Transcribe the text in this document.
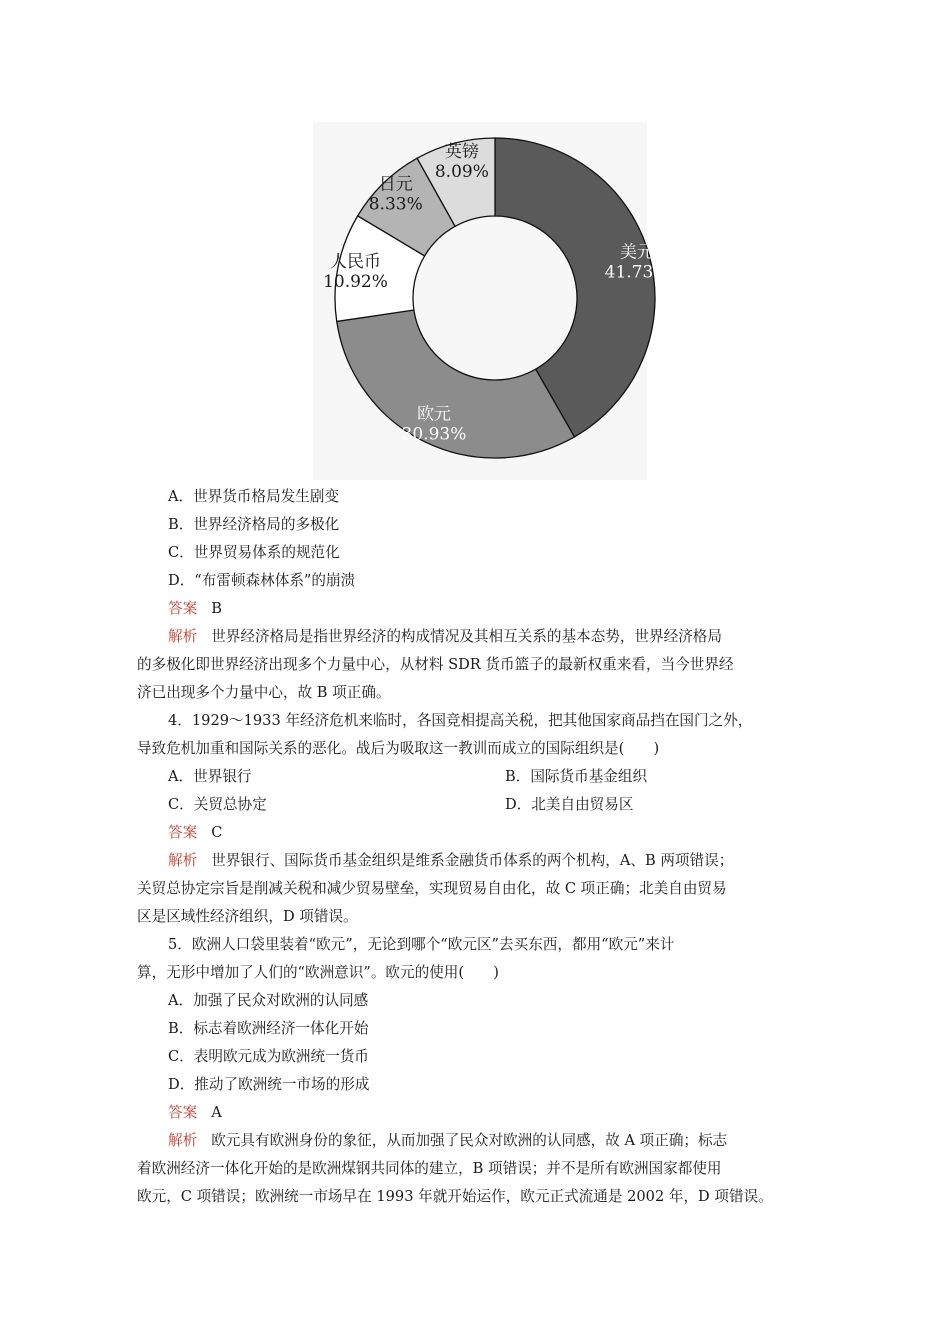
美元
41.73%
欧元
30.93%
人民币
10.92%
日元
8.33%
英镑
8.09%
A．世界货币格局发生剧变
B．世界经济格局的多极化
C．世界贸易体系的规范化
D．“布雷顿森林体系”的崩溃
答案 B
解析 世界经济格局是指世界经济的构成情况及其相互关系的基本态势，世界经济格局
的多极化即世界经济出现多个力量中心，从材料 SDR 货币篮子的最新权重来看，当今世界经
济已出现多个力量中心，故 B 项正确。
4．1929～1933 年经济危机来临时，各国竞相提高关税，把其他国家商品挡在国门之外，
导致危机加重和国际关系的恶化。战后为吸取这一教训而成立的国际组织是(　　)
A．世界银行	B．国际货币基金组织
C．关贸总协定	D．北美自由贸易区
答案 C
解析 世界银行、国际货币基金组织是维系金融货币体系的两个机构，A、B 两项错误；
关贸总协定宗旨是削减关税和减少贸易壁垒，实现贸易自由化，故 C 项正确；北美自由贸易
区是区域性经济组织，D 项错误。
5．欧洲人口袋里装着“欧元”，无论到哪个“欧元区”去买东西，都用“欧元”来计
算，无形中增加了人们的“欧洲意识”。欧元的使用(　　)
A．加强了民众对欧洲的认同感
B．标志着欧洲经济一体化开始
C．表明欧元成为欧洲统一货币
D．推动了欧洲统一市场的形成
答案 A
解析 欧元具有欧洲身份的象征，从而加强了民众对欧洲的认同感，故 A 项正确；标志
着欧洲经济一体化开始的是欧洲煤钢共同体的建立，B 项错误；并不是所有欧洲国家都使用
欧元，C 项错误；欧洲统一市场早在 1993 年就开始运作，欧元正式流通是 2002 年，D 项错误。
